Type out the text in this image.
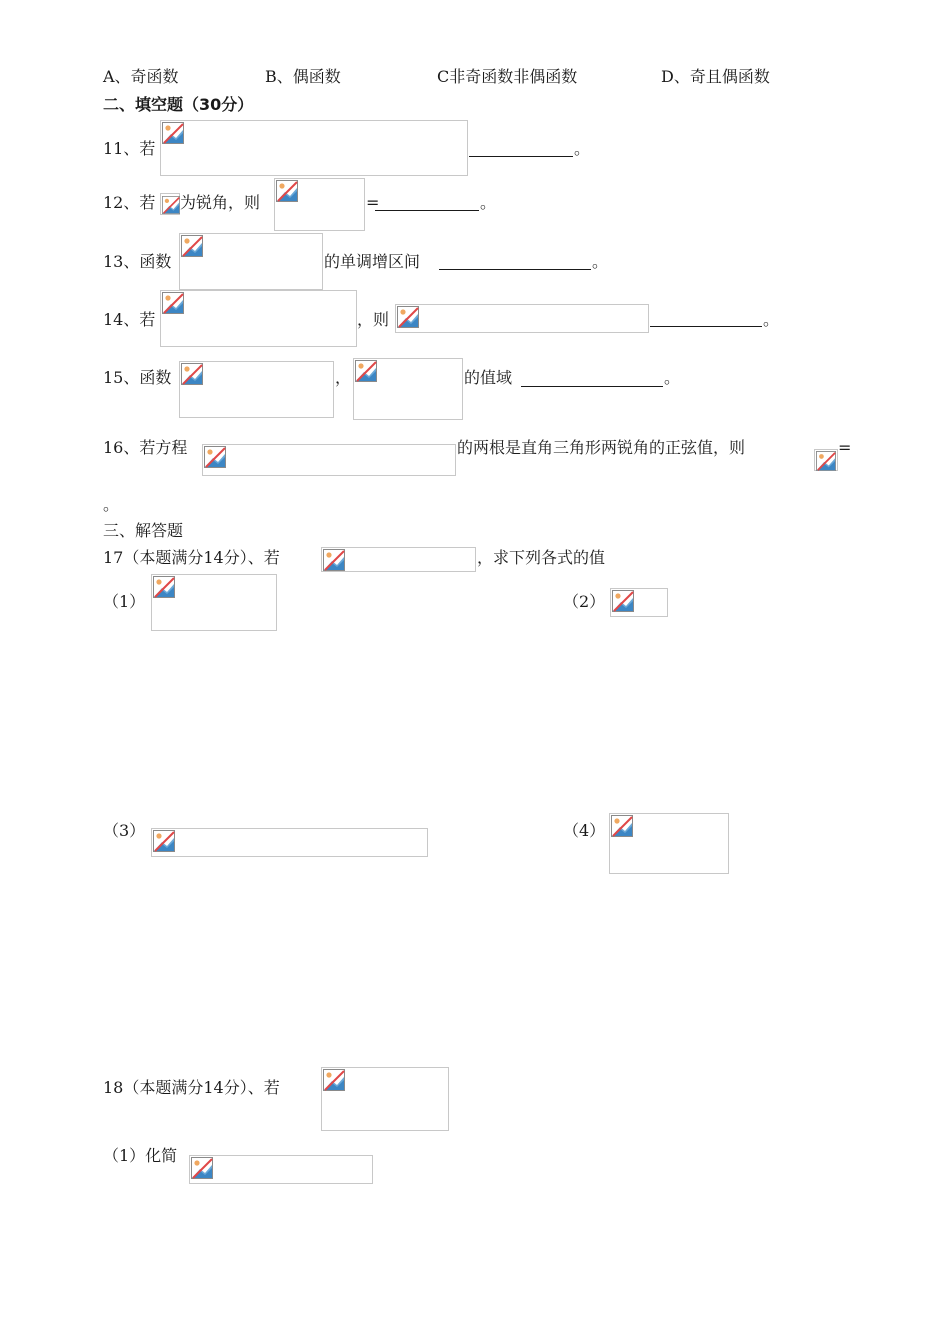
A、奇函数	B、偶函数	C非奇函数非偶函数	D、奇且偶函数
二、填空题（30分）
11、若	。
12、若 为锐角，则	=	。
13、函数	的单调增区间	。
14、若	，则	。
15、函数	，	的值域	。
16、若方程	的两根是直角三角形两锐角的正弦值，则	=
。
三、解答题
17（本题满分14分）、若	，求下列各式的值
（1）	（2）
（3）	（4）
18（本题满分14分）、若
（1）化简
